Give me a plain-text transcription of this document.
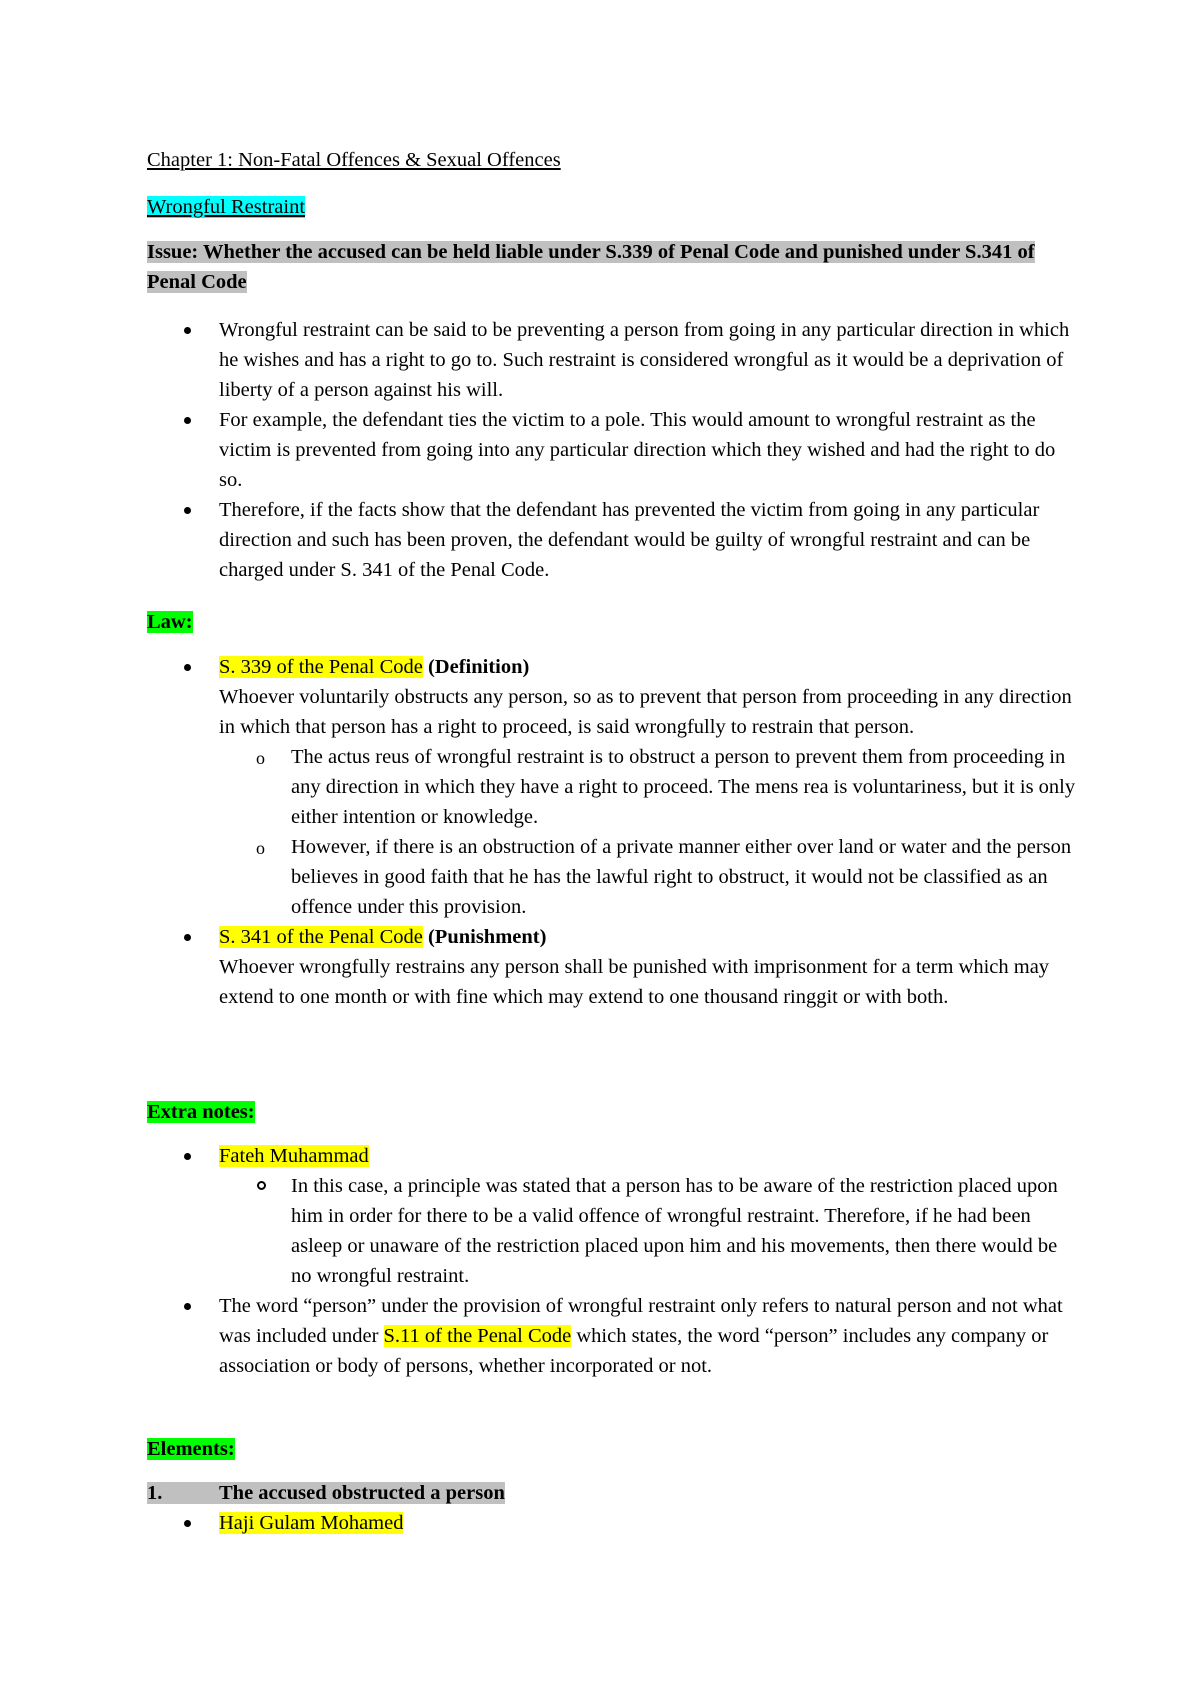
Chapter 1: Non-Fatal Offences & Sexual Offences
Wrongful Restraint
Issue: Whether the accused can be held liable under S.339 of Penal Code and punished under S.341 of Penal Code
Wrongful restraint can be said to be preventing a person from going in any particular direction in which he wishes and has a right to go to. Such restraint is considered wrongful as it would be a deprivation of liberty of a person against his will.
For example, the defendant ties the victim to a pole. This would amount to wrongful restraint as the victim is prevented from going into any particular direction which they wished and had the right to do so.
Therefore, if the facts show that the defendant has prevented the victim from going in any particular direction and such has been proven, the defendant would be guilty of wrongful restraint and can be charged under S. 341 of the Penal Code.
Law:
S. 339 of the Penal Code (Definition)
Whoever voluntarily obstructs any person, so as to prevent that person from proceeding in any direction in which that person has a right to proceed, is said wrongfully to restrain that person.
o The actus reus of wrongful restraint is to obstruct a person to prevent them from proceeding in any direction in which they have a right to proceed. The mens rea is voluntariness, but it is only either intention or knowledge.
o However, if there is an obstruction of a private manner either over land or water and the person believes in good faith that he has the lawful right to obstruct, it would not be classified as an offence under this provision.
S. 341 of the Penal Code (Punishment)
Whoever wrongfully restrains any person shall be punished with imprisonment for a term which may extend to one month or with fine which may extend to one thousand ringgit or with both.
Extra notes:
Fateh Muhammad
In this case, a principle was stated that a person has to be aware of the restriction placed upon him in order for there to be a valid offence of wrongful restraint. Therefore, if he had been asleep or unaware of the restriction placed upon him and his movements, then there would be no wrongful restraint.
The word “person” under the provision of wrongful restraint only refers to natural person and not what was included under S.11 of the Penal Code which states, the word “person” includes any company or association or body of persons, whether incorporated or not.
Elements:
1.	The accused obstructed a person
Haji Gulam Mohamed
